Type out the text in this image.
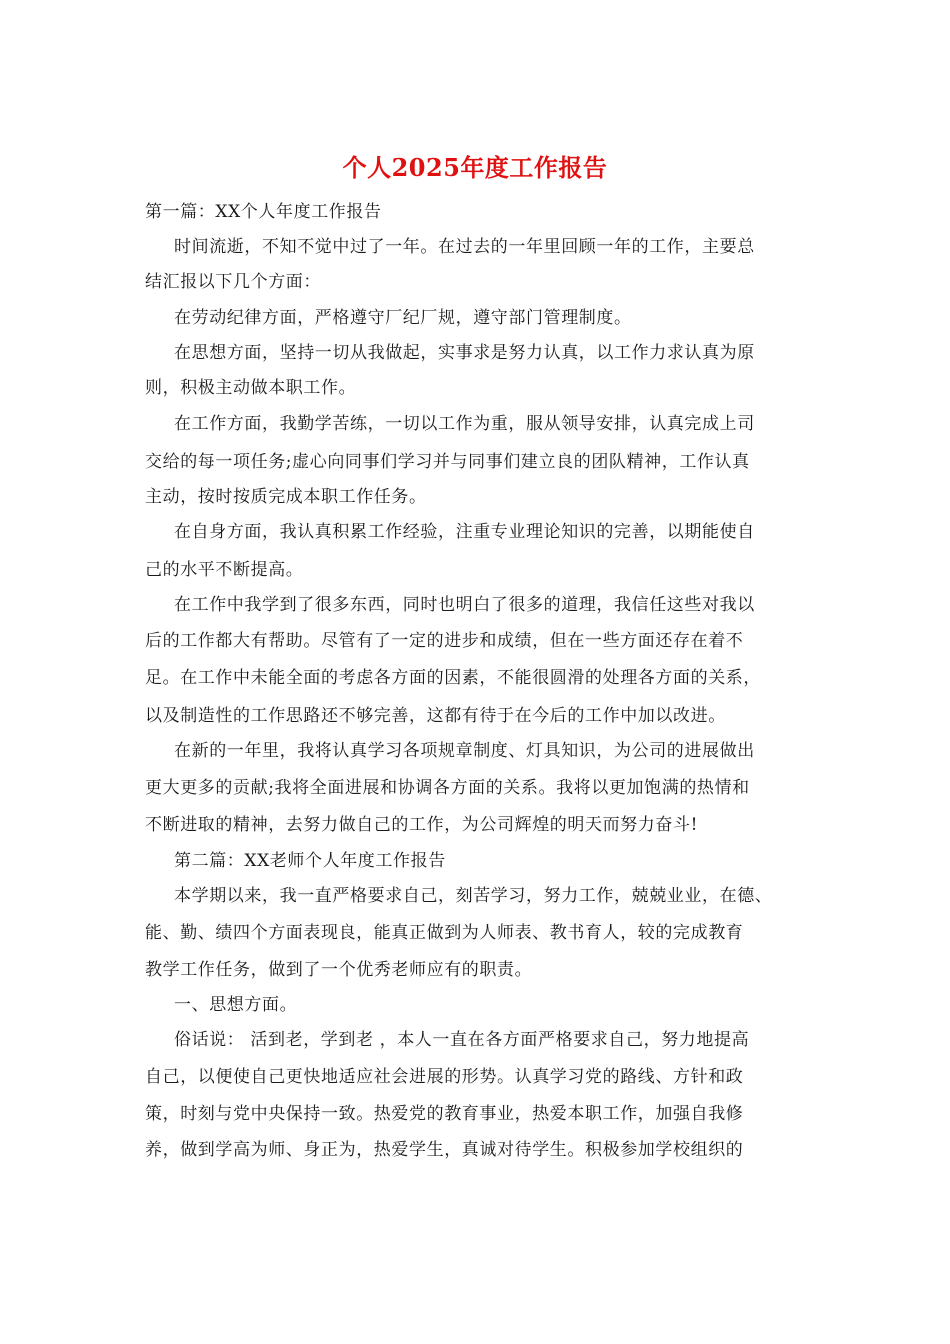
个人2025年度工作报告
第一篇：XX个人年度工作报告
时间流逝，不知不觉中过了一年。在过去的一年里回顾一年的工作，主要总
结汇报以下几个方面：
在劳动纪律方面，严格遵守厂纪厂规，遵守部门管理制度。
在思想方面，坚持一切从我做起，实事求是努力认真，以工作力求认真为原
则，积极主动做本职工作。
在工作方面，我勤学苦练，一切以工作为重，服从领导安排，认真完成上司
交给的每一项任务;虚心向同事们学习并与同事们建立良的团队精神，工作认真
主动，按时按质完成本职工作任务。
在自身方面，我认真积累工作经验，注重专业理论知识的完善，以期能使自
己的水平不断提高。
在工作中我学到了很多东西，同时也明白了很多的道理，我信任这些对我以
后的工作都大有帮助。尽管有了一定的进步和成绩，但在一些方面还存在着不
足。在工作中未能全面的考虑各方面的因素，不能很圆滑的处理各方面的关系，
以及制造性的工作思路还不够完善，这都有待于在今后的工作中加以改进。
在新的一年里，我将认真学习各项规章制度、灯具知识，为公司的进展做出
更大更多的贡献;我将全面进展和协调各方面的关系。我将以更加饱满的热情和
不断进取的精神，去努力做自己的工作，为公司辉煌的明天而努力奋斗!
第二篇：XX老师个人年度工作报告
本学期以来，我一直严格要求自己，刻苦学习，努力工作，兢兢业业，在德、
能、勤、绩四个方面表现良，能真正做到为人师表、教书育人，较的完成教育
教学工作任务，做到了一个优秀老师应有的职责。
一、思想方面。
俗话说： 活到老，学到老 ，本人一直在各方面严格要求自己，努力地提高
自己，以便使自己更快地适应社会进展的形势。认真学习党的路线、方针和政
策，时刻与党中央保持一致。热爱党的教育事业，热爱本职工作，加强自我修
养，做到学高为师、身正为，热爱学生，真诚对待学生。积极参加学校组织的
